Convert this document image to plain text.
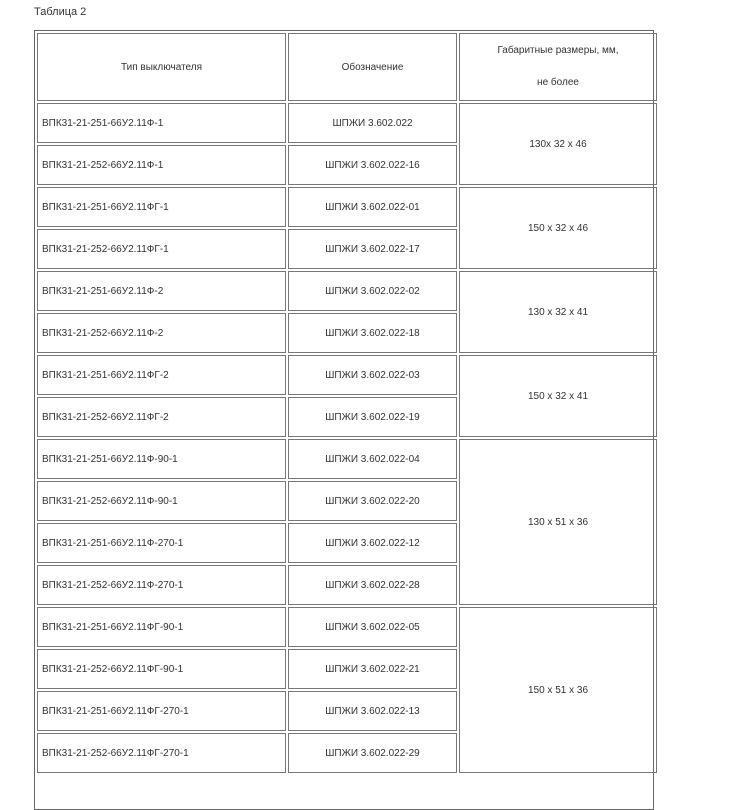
Таблица 2
Тип выключателя	Обозначение	Габаритные размеры, мм,
не более

ВПК31-21-251-66У2.11Ф-1	ШПЖИ 3.602.022	130х 32 х 46
ВПК31-21-252-66У2.11Ф-1	ШПЖИ 3.602.022-16	
ВПК31-21-251-66У2.11ФГ-1	ШПЖИ 3.602.022-01	150 х 32 х 46
ВПК31-21-252-66У2.11ФГ-1	ШПЖИ 3.602.022-17	
ВПК31-21-251-66У2.11Ф-2	ШПЖИ 3.602.022-02	130 х 32 х 41
ВПК31-21-252-66У2.11Ф-2	ШПЖИ 3.602.022-18	
ВПК31-21-251-66У2.11ФГ-2	ШПЖИ 3.602.022-03	150 х 32 х 41
ВПК31-21-252-66У2.11ФГ-2	ШПЖИ 3.602.022-19	
ВПК31-21-251-66У2.11Ф-90-1	ШПЖИ 3.602.022-04	130 х 51 х 36
ВПК31-21-252-66У2.11Ф-90-1	ШПЖИ 3.602.022-20	
ВПК31-21-251-66У2.11Ф-270-1	ШПЖИ 3.602.022-12	
ВПК31-21-252-66У2.11Ф-270-1	ШПЖИ 3.602.022-28	
ВПК31-21-251-66У2.11ФГ-90-1	ШПЖИ 3.602.022-05	150 х 51 х 36
ВПК31-21-252-66У2.11ФГ-90-1	ШПЖИ 3.602.022-21	
ВПК31-21-251-66У2.11ФГ-270-1	ШПЖИ 3.602.022-13	
ВПК31-21-252-66У2.11ФГ-270-1	ШПЖИ 3.602.022-29	
